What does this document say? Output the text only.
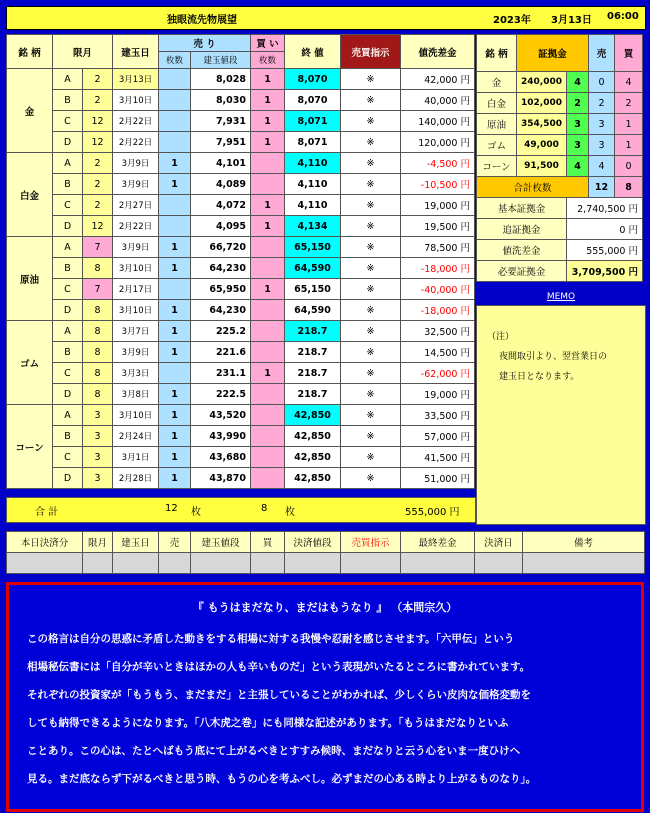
独眼流先物展望	2023年 3月13日 06:00
銘 柄	限月		建玉日	売 り		買 い	終 値	売買指示	値洗差金
				枚数	建玉値段	枚数			
金	A	2	3月13日		8,028	1	8,070	※	42,000 円
	B	2	3月10日		8,030	1	8,070	※	40,000 円
	C	12	2月22日		7,931	1	8,071	※	140,000 円
	D	12	2月22日		7,951	1	8,071	※	120,000 円
白金	A	2	3月9日	1	4,101		4,110	※	-4,500 円
	B	2	3月9日	1	4,089		4,110	※	-10,500 円
	C	2	2月27日		4,072	1	4,110	※	19,000 円
	D	12	2月22日		4,095	1	4,134	※	19,500 円
原油	A	7	3月9日	1	66,720		65,150	※	78,500 円
	B	8	3月10日	1	64,230		64,590	※	-18,000 円
	C	7	2月17日		65,950	1	65,150	※	-40,000 円
	D	8	3月10日	1	64,230		64,590	※	-18,000 円
ゴム	A	8	3月7日	1	225.2		218.7	※	32,500 円
	B	8	3月9日	1	221.6		218.7	※	14,500 円
	C	8	3月3日		231.1	1	218.7	※	-62,000 円
	D	8	3月8日	1	222.5		218.7	※	19,000 円
コーン	A	3	3月10日	1	43,520		42,850	※	33,500 円
	B	3	2月24日	1	43,990		42,850	※	57,000 円
	C	3	3月1日	1	43,680		42,850	※	41,500 円
	D	3	2月28日	1	43,870		42,850	※	51,000 円
合 計	12 枚	8 枚	555,000 円
銘 柄	証拠金		売	買
金	240,000	4	0	4
白金	102,000	2	2	2
原油	354,500	3	3	1
ゴム	49,000	3	3	1
コーン	91,500	4	4	0
合計枚数			12	8
基本証拠金		2,740,500 円		
追証拠金		0 円		
値洗差金		555,000 円		
必要証拠金		3,709,500 円		
MEMO

（注）

夜間取引より、翌営業日の

建玉日となります。

本日決済分	限月	建玉日	売	建玉値段	買	決済値段	売買指示	最終差金	決済日	備考

『 もうはまだなり、まだはもうなり 』 （本間宗久）
この格言は自分の思惑に矛盾した動きをする相場に対する我慢や忍耐を感じさせます。「六甲伝」という
相場秘伝書には「自分が辛いときはほかの人も辛いものだ」という表現がいたるところに書かれています。
それぞれの投資家が「もうもう、まだまだ」と主張していることがわかれば、少しくらい皮肉な価格変動を
しても納得できるようになります。「八木虎之巻」にも同様な記述があります。「もうはまだなりといふ
ことあり。この心は、たとへばもう底にて上がるべきとすすみ候時、まだなりと云う心をいま一度ひけへ
見る。まだ底ならず下がるべきと思う時、もうの心を考ふべし。必ずまだの心ある時より上がるものなり」。
